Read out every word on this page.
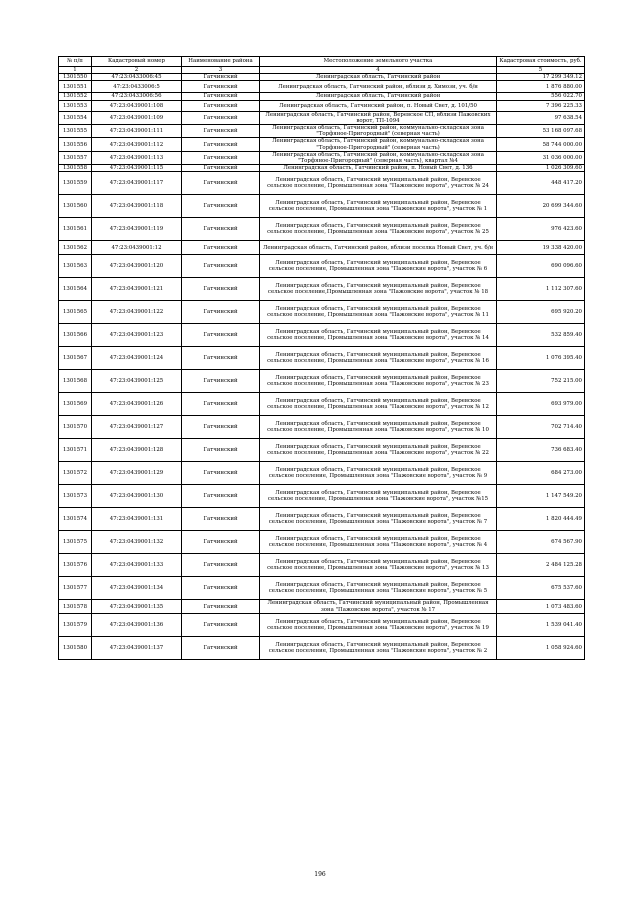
№ п/п	Кадастровый номер	Наименование района	Местоположение земельного участка	Кадастровая стоимость, руб.
1	2	3	4	5
1301550	47:23:0433006:45	Гатчинский	Ленинградская область, Гатчинский район	17 299 349.12
1301551	47:23:0433006:5	Гатчинский	Ленинградская область, Гатчинский район, вблизи д. Химози, уч. б/н	1 876 880.00
1301552	47:23:0433006:56	Гатчинский	Ленинградская область, Гатчинский район	556 022.70
1301553	47:23:0439001:108	Гатчинский	Ленинградская область, Гатчинский район, п. Новый Свет, д. 101/50	7 396 225.33
1301554	47:23:0439001:109	Гатчинский	Ленинградская область, Гатчинский район, Веревское СП, вблизи Пажовских ворот, ТП-1094	97 638.54
1301555	47:23:0439001:111	Гатчинский	Ленинградская область, Гатчинский район, коммунально-складская зона "Торфяное-Пригородный" (северная часть)	53 168 097.68
1301556	47:23:0439001:112	Гатчинский	Ленинградская область, Гатчинский район, коммунально-складская зона "Торфяное-Пригородный" (северная часть)	58 744 000.00
1301557	47:23:0439001:113	Гатчинский	Ленинградская область, Гатчинский район, коммунально-складская зона "Торфяное-Пригородный" (северная часть), квартал №4	31 036 000.00
1301558	47:23:0439001:115	Гатчинский	Ленинградская область, Гатчинский район, п. Новый Свет, д. 136	1 026 309.60
1301559	47:23:0439001:117	Гатчинский	Ленинградская область, Гатчинский муниципальный район, Веревское сельское поселение, Промышленная зона "Пажовские ворота", участок № 24	448 417.20
1301560	47:23:0439001:118	Гатчинский	Ленинградская область, Гатчинский муниципальный район, Веревское сельское поселение, Промышленная зона "Пажовские ворота", участок № 1	20 699 344.60
1301561	47:23:0439001:119	Гатчинский	Ленинградская область, Гатчинский муниципальный район, Веревское сельское поселение, Промышленная зона "Пажовские ворота", участок № 25	976 423.60
1301562	47:23:0439001:12	Гатчинский	Ленинградская область, Гатчинский район, вблизи поселка Новый Свет, уч. б/н	19 338 420.00
1301563	47:23:0439001:120	Гатчинский	Ленинградская область, Гатчинский муниципальный район, Веревское сельское поселение, Промышленная зона "Пажовские ворота", участок № 6	690 096.60
1301564	47:23:0439001:121	Гатчинский	Ленинградская область, Гатчинский муниципальный район, Веревское сельское поселение,Промышленная зона "Пажовские ворота", участок № 18	1 112 307.60
1301565	47:23:0439001:122	Гатчинский	Ленинградская область, Гатчинский муниципальный район, Веревское сельское поселение, Промышленная зона "Пажовские ворота", участок № 11	695 920.20
1301566	47:23:0439001:123	Гатчинский	Ленинградская область, Гатчинский муниципальный район, Веревское сельское поселение, Промышленная зона "Пажовские ворота", участок № 14	532 859.40
1301567	47:23:0439001:124	Гатчинский	Ленинградская область, Гатчинский муниципальный район, Веревское сельское поселение, Промышленная зона "Пажовские ворота", участок № 16	1 076 395.40
1301568	47:23:0439001:125	Гатчинский	Ленинградская область, Гатчинский муниципальный район, Веревское сельское поселение, Промышленная зона "Пажовские ворота", участок № 23	752 215.00
1301569	47:23:0439001:126	Гатчинский	Ленинградская область, Гатчинский муниципальный район, Веревское сельское поселение, Промышленная зона "Пажовские ворота", участок № 12	693 979.00
1301570	47:23:0439001:127	Гатчинский	Ленинградская область, Гатчинский муниципальный район, Веревское сельское поселение, Промышленная зона "Пажовские ворота", участок № 10	702 714.40
1301571	47:23:0439001:128	Гатчинский	Ленинградская область, Гатчинский муниципальный район, Веревское сельское поселение, Промышленная зона "Пажовские ворота", участок № 22	736 683.40
1301572	47:23:0439001:129	Гатчинский	Ленинградская область, Гатчинский муниципальный район, Веревское сельское поселение, Промышленная зона "Пажовские ворота", участок № 9	684 273.00
1301573	47:23:0439001:130	Гатчинский	Ленинградская область, Гатчинский муниципальный район, Веревское сельское поселение, Промышленная зона "Пажовские ворота", участок №15	1 147 549.20
1301574	47:23:0439001:131	Гатчинский	Ленинградская область, Гатчинский муниципальный район, Веревское сельское поселение, Промышленная зона "Пажовские ворота", участок № 7	1 820 444.49
1301575	47:23:0439001:132	Гатчинский	Ленинградская область, Гатчинский муниципальный район, Веревское сельское поселение, Промышленная зона "Пажовские ворота", участок № 4	674 567.90
1301576	47:23:0439001:133	Гатчинский	Ленинградская область, Гатчинский муниципальный район, Веревское сельское поселение, Промышленная зона "Пажовские ворота", участок № 13	2 484 125.28
1301577	47:23:0439001:134	Гатчинский	Ленинградская область, Гатчинский муниципальный район, Веревское сельское поселение, Промышленная зона "Пажовские ворота", участок № 5	675 537.60
1301578	47:23:0439001:135	Гатчинский	Ленинградская область, Гатчинский муниципальный район, Промышленная зона "Пажовские ворота", участок № 17	1 073 483.60
1301579	47:23:0439001:136	Гатчинский	Ленинградская область, Гатчинский муниципальный район, Веревское сельское поселение, Промышленная зона "Пажовские ворота", участок № 19	1 539 041.40
1301580	47:23:0439001:137	Гатчинский	Ленинградская область, Гатчинский муниципальный район, Веревское сельское поселение, Промышленная зона "Пажовские ворота", участок № 2	1 058 924.60
196
